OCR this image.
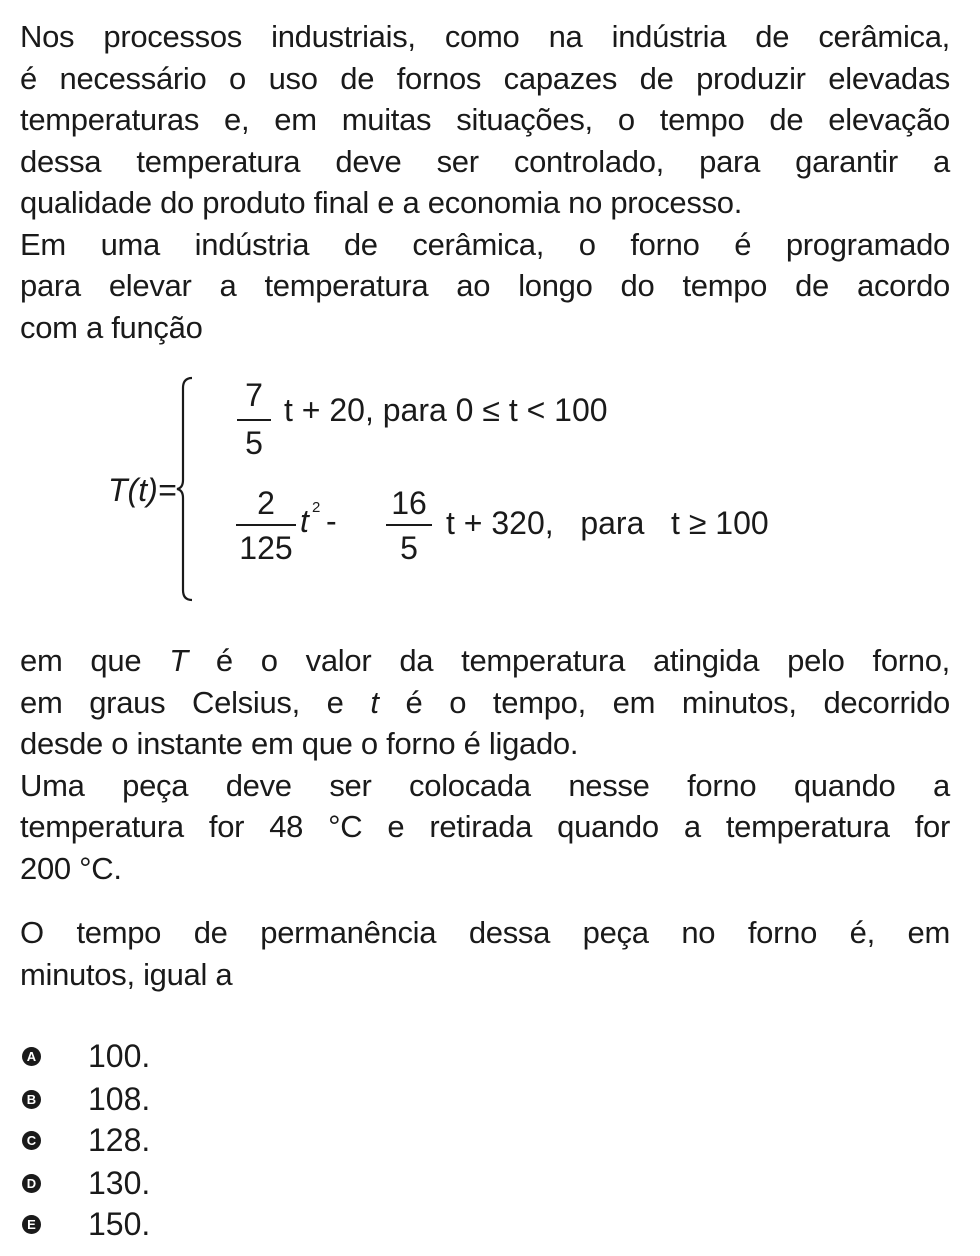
Nos processos industriais, como na indústria de cerâmica,
é necessário o uso de fornos capazes de produzir elevadas
temperaturas e, em muitas situações, o tempo de elevação
dessa temperatura deve ser controlado, para garantir a
qualidade do produto final e a economia no processo.
Em uma indústria de cerâmica, o forno é programado
para elevar a temperatura ao longo do tempo de acordo
com a função
T(t)=
7
5
t + 20, para 0 ≤ t < 100
2
125
t 2 - 16
5
t + 320,   para   t ≥ 100
em que T é o valor da temperatura atingida pelo forno,
em graus Celsius, e t é o tempo, em minutos, decorrido
desde o instante em que o forno é ligado.
Uma peça deve ser colocada nesse forno quando a
temperatura for 48 °C e retirada quando a temperatura for
200 °C.
O tempo de permanência dessa peça no forno é, em
minutos, igual a
A 100.
B 108.
C 128.
D 130.
E 150.
